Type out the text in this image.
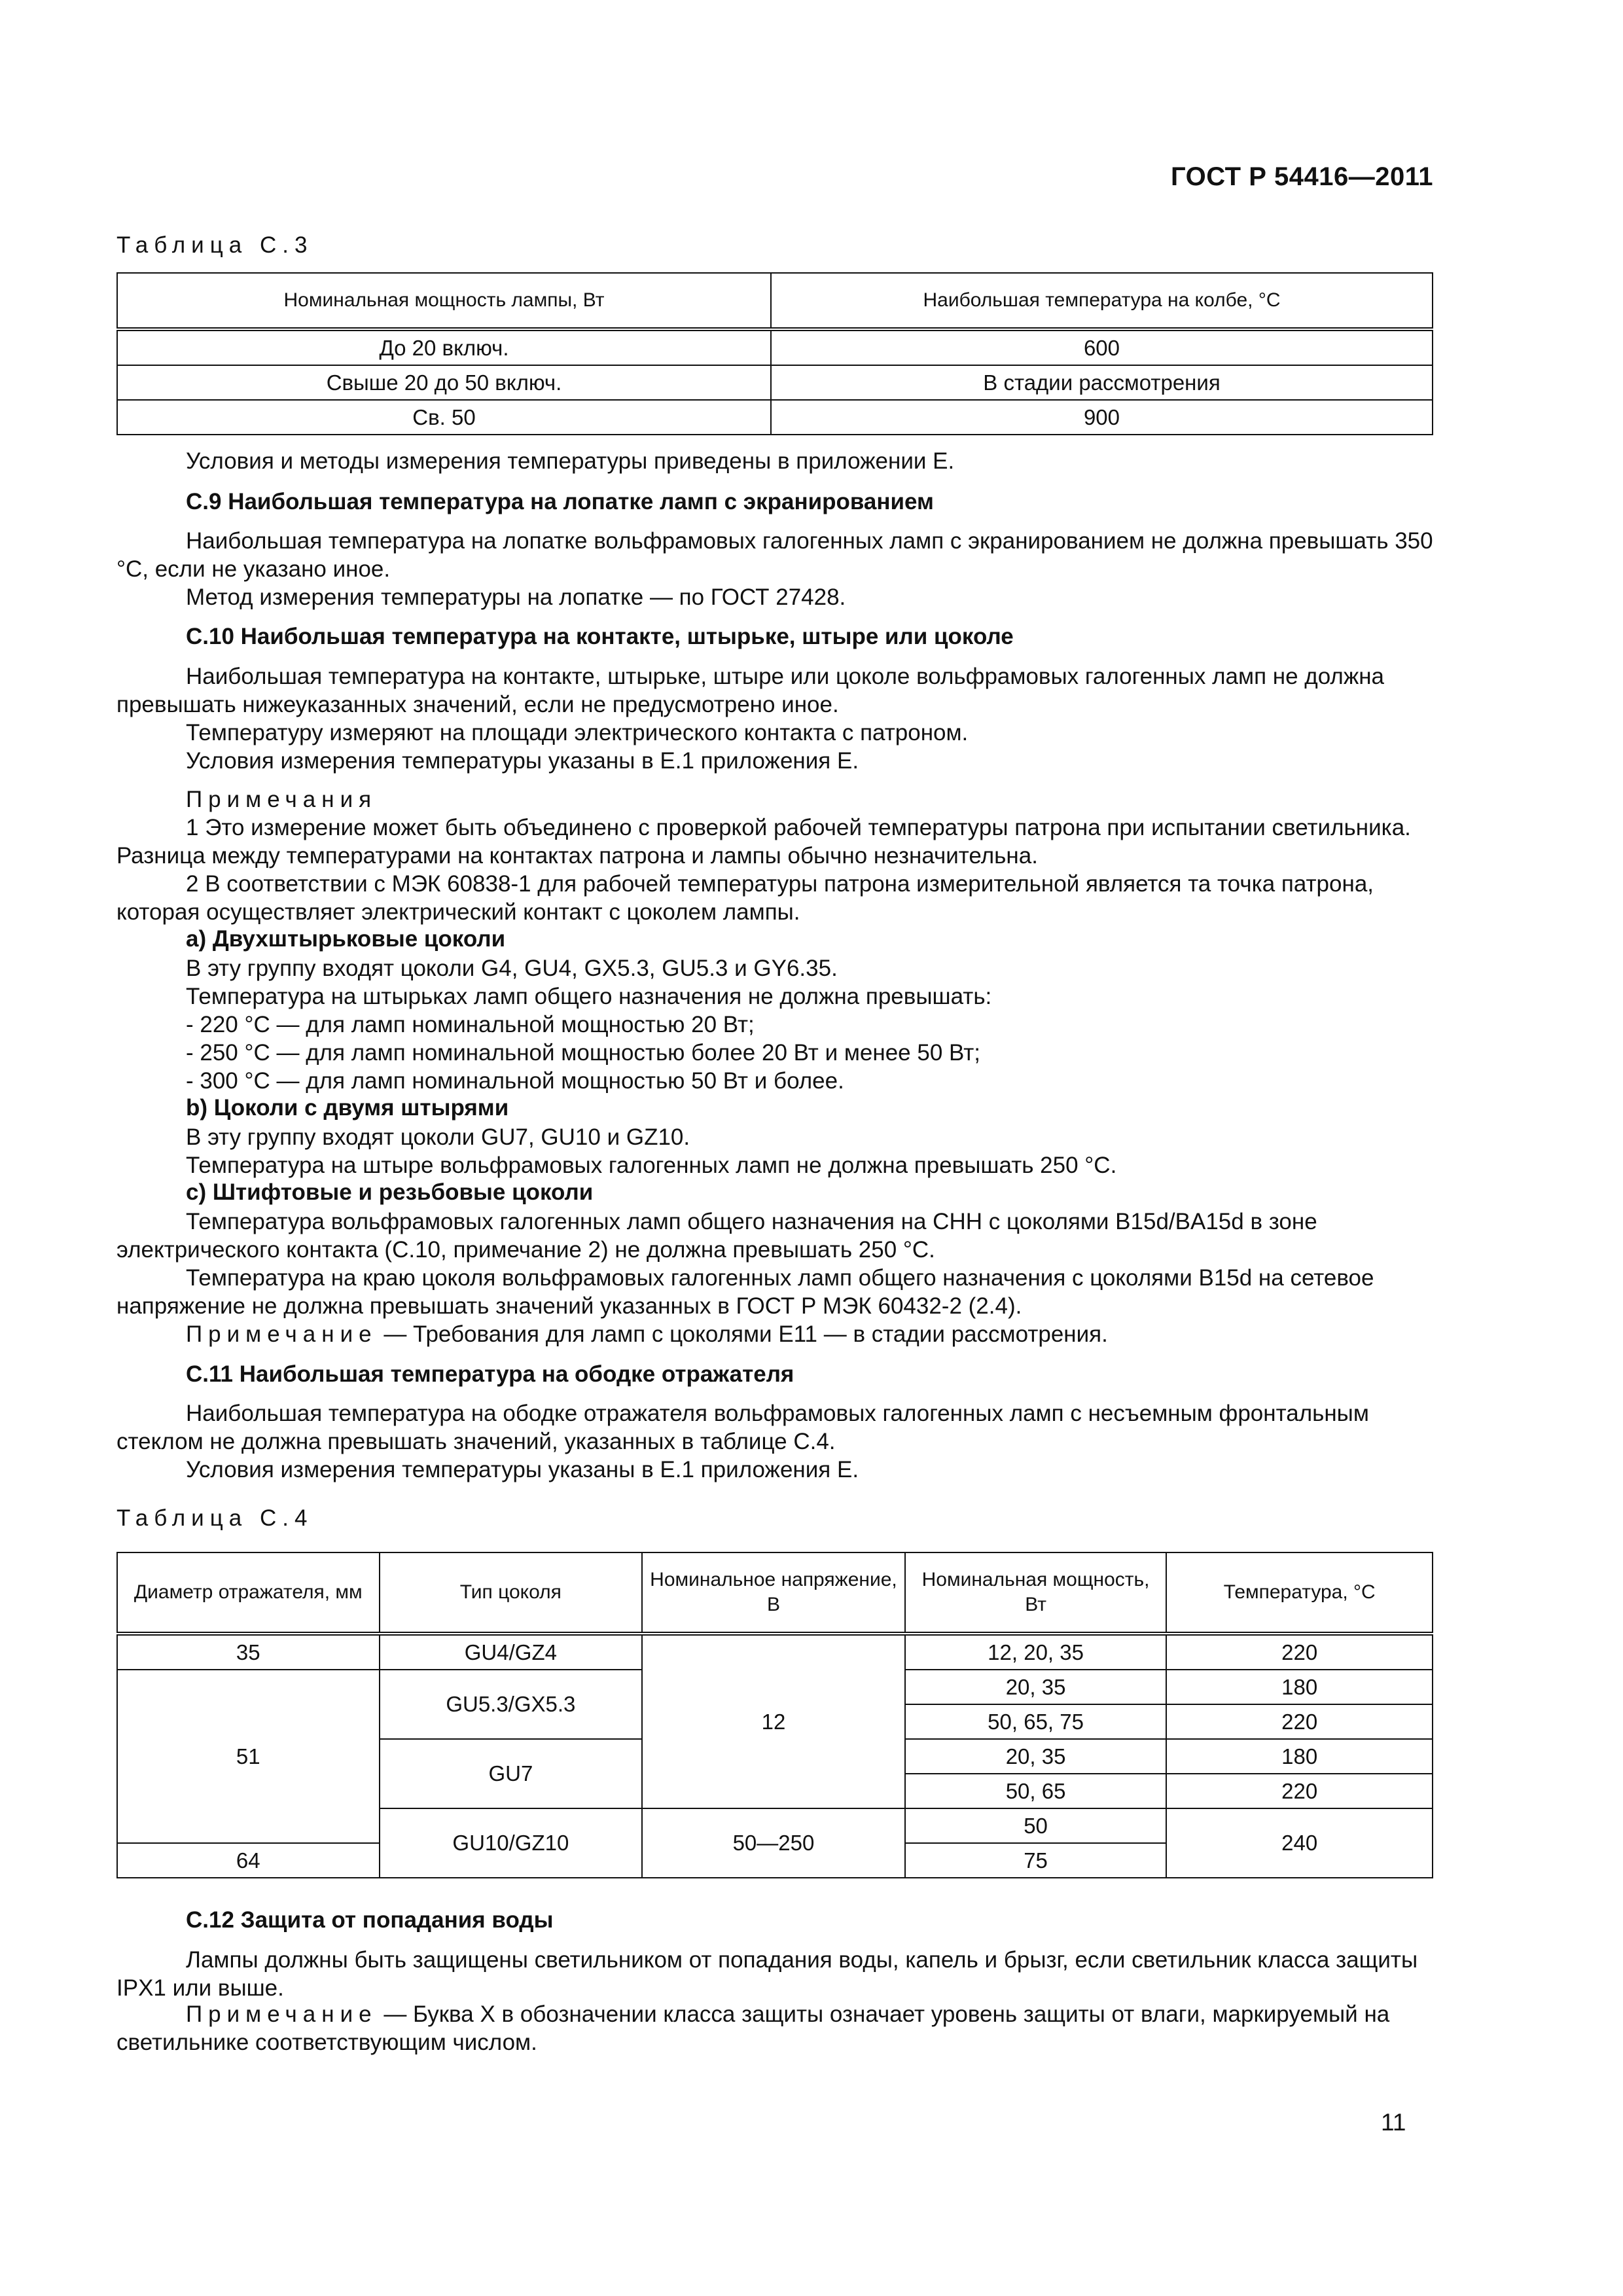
ГОСТ Р 54416—2011
Таблица С.3
Номинальная мощность лампы, Вт	Наибольшая температура на колбе, °С
До 20 включ.	600
Свыше 20 до 50 включ.	В стадии рассмотрения
Св. 50	900
Условия и методы измерения температуры приведены в приложении Е.
С.9 Наибольшая температура на лопатке ламп с экранированием
Наибольшая температура на лопатке вольфрамовых галогенных ламп с экранированием не должна превышать 350 °С, если не указано иное.
Метод измерения температуры на лопатке — по ГОСТ 27428.
С.10 Наибольшая температура на контакте, штырьке, штыре или цоколе
Наибольшая температура на контакте, штырьке, штыре или цоколе вольфрамовых галогенных ламп не должна превышать нижеуказанных значений, если не предусмотрено иное.
Температуру измеряют на площади электрического контакта с патроном.
Условия измерения температуры указаны в Е.1 приложения Е.
Примечания
1 Это измерение может быть объединено с проверкой рабочей температуры патрона при испытании светильника. Разница между температурами на контактах патрона и лампы обычно незначительна.
2 В соответствии с МЭК 60838-1 для рабочей температуры патрона измерительной является та точка патрона, которая осуществляет электрический контакт с цоколем лампы.
а) Двухштырьковые цоколи
В эту группу входят цоколи G4, GU4, GX5.3, GU5.3 и GY6.35.
Температура на штырьках ламп общего назначения не должна превышать:
- 220 °С — для ламп номинальной мощностью 20 Вт;
- 250 °С — для ламп номинальной мощностью более 20 Вт и менее 50 Вт;
- 300 °С — для ламп номинальной мощностью 50 Вт и более.
b) Цоколи с двумя штырями
В эту группу входят цоколи GU7, GU10 и GZ10.
Температура на штыре вольфрамовых галогенных ламп не должна превышать 250 °С.
с) Штифтовые и резьбовые цоколи
Температура вольфрамовых галогенных ламп общего назначения на СНН с цоколями В15d/BA15d в зоне электрического контакта (С.10, примечание 2) не должна превышать 250 °С.
Температура на краю цоколя вольфрамовых галогенных ламп общего назначения с цоколями В15d на сетевое напряжение не должна превышать значений указанных в ГОСТ Р МЭК 60432-2 (2.4).
Примечание — Требования для ламп с цоколями Е11 — в стадии рассмотрения.
С.11 Наибольшая температура на ободке отражателя
Наибольшая температура на ободке отражателя вольфрамовых галогенных ламп с несъемным фронтальным стеклом не должна превышать значений, указанных в таблице С.4.
Условия измерения температуры указаны в Е.1 приложения Е.
Таблица С.4
Диаметр отражателя, мм	Тип цоколя	Номинальное напряжение, В	Номинальная мощность, Вт	Температура, °С
35	GU4/GZ4	12	12, 20, 35	220
51	GU5.3/GX5.3		20, 35	180
			50, 65, 75	220
	GU7		20, 35	180
			50, 65	220
	GU10/GZ10	50—250	50	240
64			75	
С.12 Защита от попадания воды
Лампы должны быть защищены светильником от попадания воды, капель и брызг, если светильник класса защиты IPX1 или выше.
Примечание — Буква X в обозначении класса защиты означает уровень защиты от влаги, маркируемый на светильнике соответствующим числом.
11
